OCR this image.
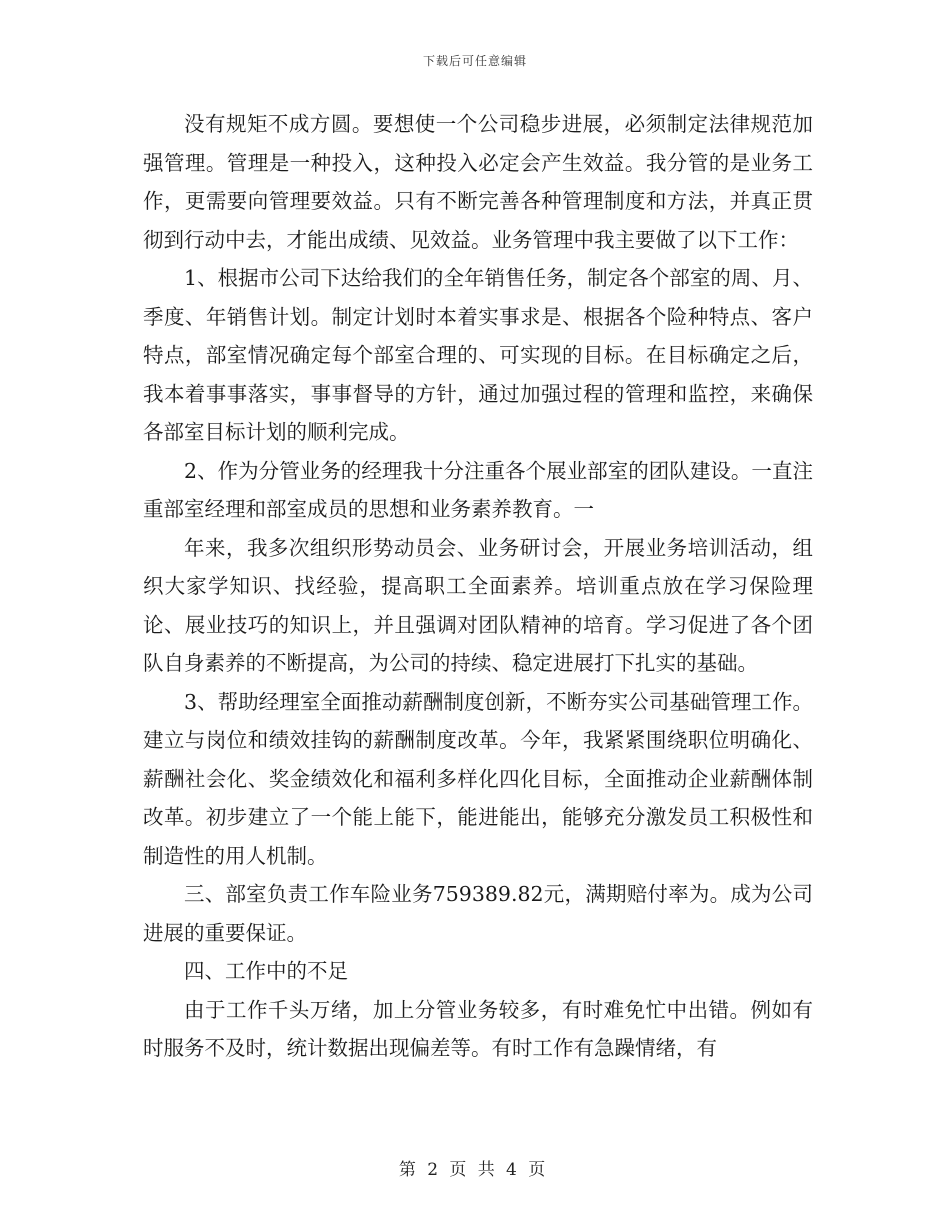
下载后可任意编辑

没有规矩不成方圆。要想使一个公司稳步进展，必须制定法律规范加强管理。管理是一种投入，这种投入必定会产生效益。我分管的是业务工作，更需要向管理要效益。只有不断完善各种管理制度和方法，并真正贯彻到行动中去，才能出成绩、见效益。业务管理中我主要做了以下工作：

1、根据市公司下达给我们的全年销售任务，制定各个部室的周、月、季度、年销售计划。制定计划时本着实事求是、根据各个险种特点、客户特点，部室情况确定每个部室合理的、可实现的目标。在目标确定之后，我本着事事落实，事事督导的方针，通过加强过程的管理和监控，来确保各部室目标计划的顺利完成。

2、作为分管业务的经理我十分注重各个展业部室的团队建设。一直注重部室经理和部室成员的思想和业务素养教育。一

年来，我多次组织形势动员会、业务研讨会，开展业务培训活动，组织大家学知识、找经验，提高职工全面素养。培训重点放在学习保险理论、展业技巧的知识上，并且强调对团队精神的培育。学习促进了各个团队自身素养的不断提高，为公司的持续、稳定进展打下扎实的基础。

3、帮助经理室全面推动薪酬制度创新，不断夯实公司基础管理工作。建立与岗位和绩效挂钩的薪酬制度改革。今年，我紧紧围绕职位明确化、薪酬社会化、奖金绩效化和福利多样化四化目标，全面推动企业薪酬体制改革。初步建立了一个能上能下，能进能出，能够充分激发员工积极性和制造性的用人机制。

三、部室负责工作车险业务759389.82元，满期赔付率为。成为公司进展的重要保证。

四、工作中的不足

由于工作千头万绪，加上分管业务较多，有时难免忙中出错。例如有时服务不及时，统计数据出现偏差等。有时工作有急躁情绪，有

第 2 页 共 4 页
